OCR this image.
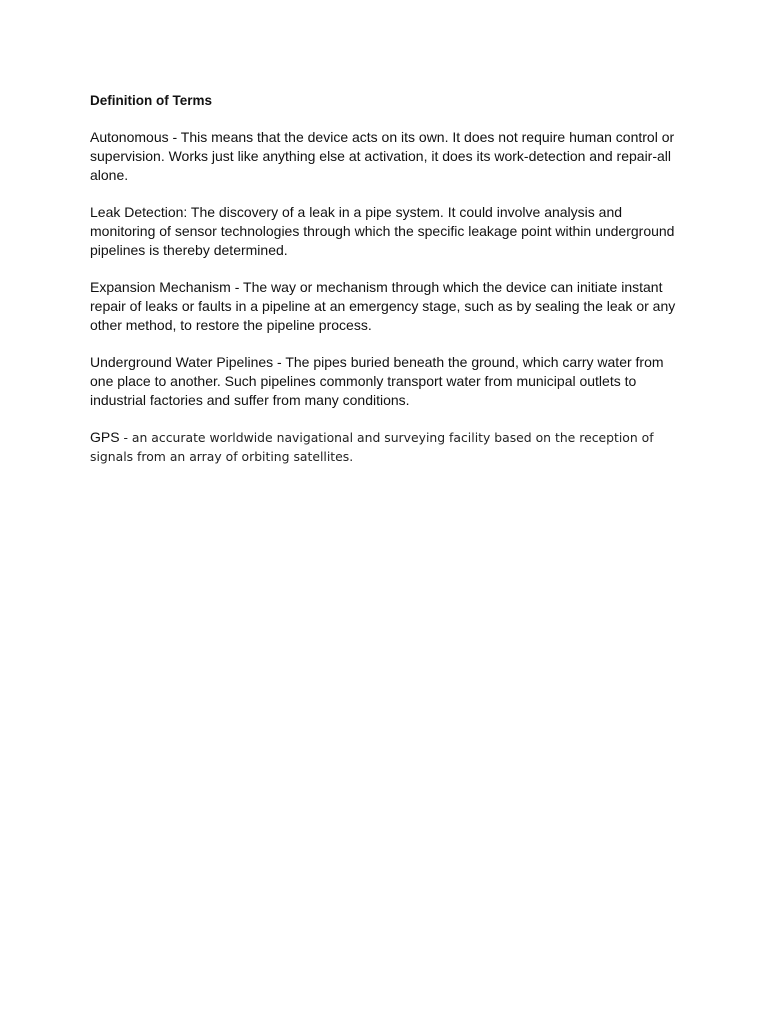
Definition of Terms

Autonomous - This means that the device acts on its own. It does not require human control or supervision. Works just like anything else at activation, it does its work-detection and repair-all alone.

Leak Detection: The discovery of a leak in a pipe system. It could involve analysis and monitoring of sensor technologies through which the specific leakage point within underground pipelines is thereby determined.

Expansion Mechanism - The way or mechanism through which the device can initiate instant repair of leaks or faults in a pipeline at an emergency stage, such as by sealing the leak or any other method, to restore the pipeline process.

Underground Water Pipelines - The pipes buried beneath the ground, which carry water from one place to another. Such pipelines commonly transport water from municipal outlets to industrial factories and suffer from many conditions.

GPS - an accurate worldwide navigational and surveying facility based on the reception of signals from an array of orbiting satellites.
